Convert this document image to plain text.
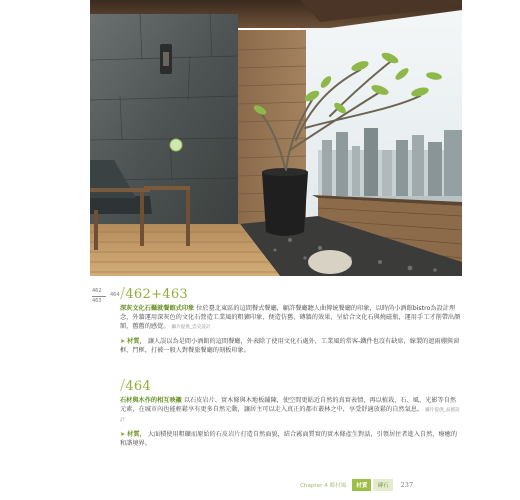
462
463
464 /462+463
深灰文化石攝就餐館式印象 位於臺北東區的這間餐式餐廳，顧許餐廳聽人曲傳統餐廳的印象，以時尚小酒館bistro為設計理念，外牆運用深灰色的文化石營造工業風的粗獷印象，便造仿舊、磚牆的效果，呈給合文化石與燒磁瓶，運用手工才削帶出顏額，舊舊的感覺。 攝片提供_雲尖設計
➤ 材質， 讓人誤以為是間小酒館的這間餐廳，外表除了使用文化石處外，工業風的常客-鐵件也沒有缺席，線製的遮雨棚與窗框、門框，打被一般人對餐旅餐廳的刻板印象。
/464
石材與木作的相互映襯 以石皮岩片、實木條與木地板鋪陳，使空間更貼近自然的真實表情，再以植栽、石、風、光影等自然元素，在城市內也能輕鬆享有更多自然元動，讓居主可以走入真正的都市叢林之中，享受舒適放鬆的自然氣息。 攝片提供_品德設計
➤ 材質， 大面積使用粗礦而原始的石皮岩片打造自然面貌，結合霧面質實的實木條產生對話，引領居住者進入自然、療癒的和諧境界。
Chapter 4 鄉村風	材質	磚石	237
